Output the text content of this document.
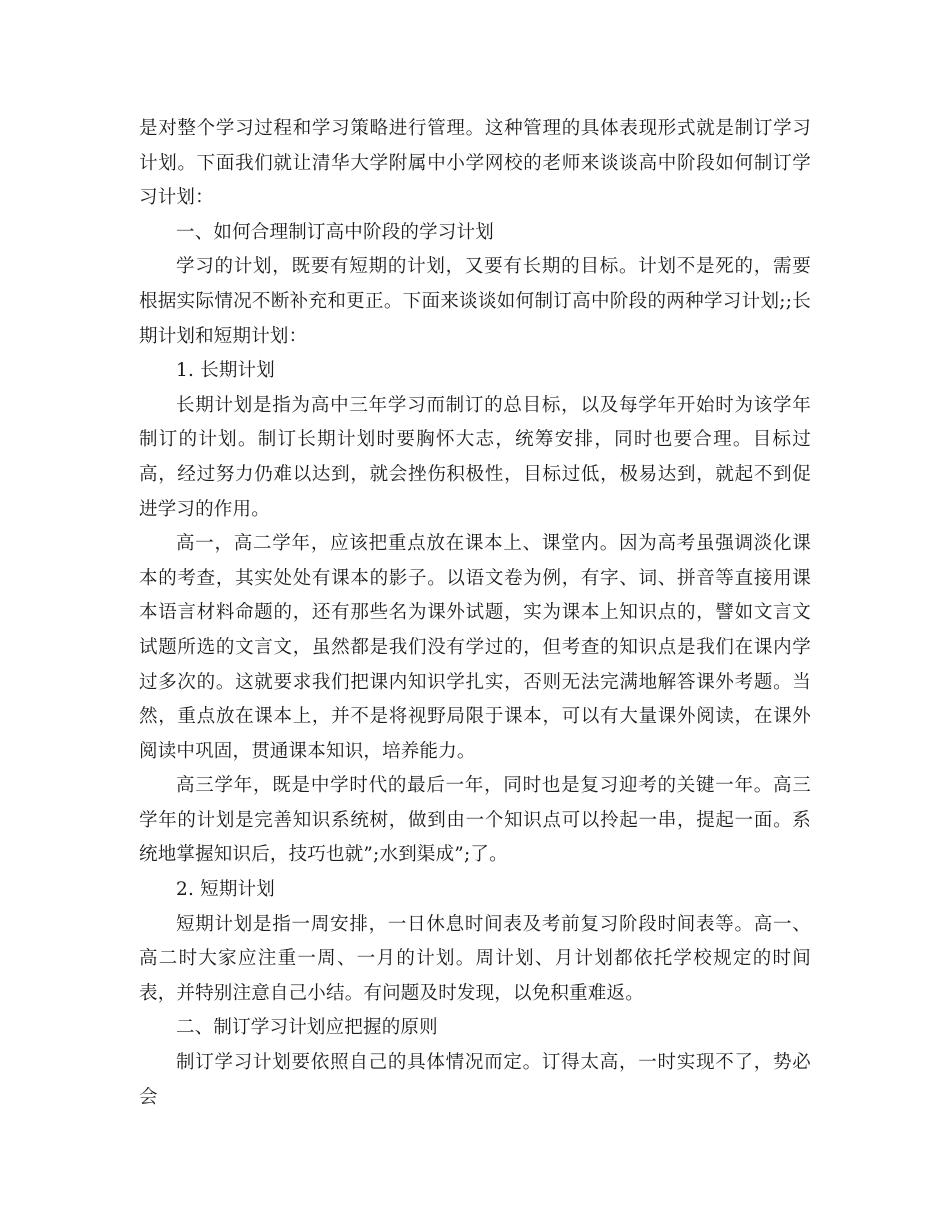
是对整个学习过程和学习策略进行管理。这种管理的具体表现形式就是制订学习计划。下面我们就让清华大学附属中小学网校的老师来谈谈高中阶段如何制订学习计划：

一、如何合理制订高中阶段的学习计划

学习的计划，既要有短期的计划，又要有长期的目标。计划不是死的，需要根据实际情况不断补充和更正。下面来谈谈如何制订高中阶段的两种学习计划;;长期计划和短期计划：

1. 长期计划

长期计划是指为高中三年学习而制订的总目标，以及每学年开始时为该学年制订的计划。制订长期计划时要胸怀大志，统筹安排，同时也要合理。目标过高，经过努力仍难以达到，就会挫伤积极性，目标过低，极易达到，就起不到促进学习的作用。

高一，高二学年，应该把重点放在课本上、课堂内。因为高考虽强调淡化课本的考查，其实处处有课本的影子。以语文卷为例，有字、词、拼音等直接用课本语言材料命题的，还有那些名为课外试题，实为课本上知识点的，譬如文言文试题所选的文言文，虽然都是我们没有学过的，但考查的知识点是我们在课内学过多次的。这就要求我们把课内知识学扎实，否则无法完满地解答课外考题。当然，重点放在课本上，并不是将视野局限于课本，可以有大量课外阅读，在课外阅读中巩固，贯通课本知识，培养能力。

高三学年，既是中学时代的最后一年，同时也是复习迎考的关键一年。高三学年的计划是完善知识系统树，做到由一个知识点可以拎起一串，提起一面。系统地掌握知识后，技巧也就”;水到渠成”;了。

2. 短期计划

短期计划是指一周安排，一日休息时间表及考前复习阶段时间表等。高一、高二时大家应注重一周、一月的计划。周计划、月计划都依托学校规定的时间表，并特别注意自己小结。有问题及时发现，以免积重难返。

二、制订学习计划应把握的原则

制订学习计划要依照自己的具体情况而定。订得太高，一时实现不了，势必会
